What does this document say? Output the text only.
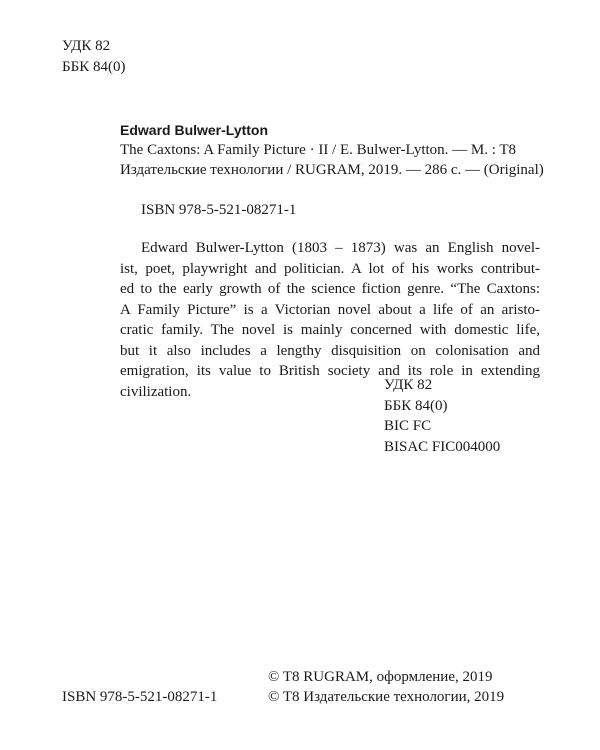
УДК 82
ББК 84(0)
Edward Bulwer-Lytton
The Caxtons: A Family Picture · II / E. Bulwer-Lytton. — M. : T8
Издательские технологии / RUGRAM, 2019. — 286 с. — (Original)
ISBN 978-5-521-08271-1
Edward Bulwer-Lytton (1803 – 1873) was an English novel-
ist, poet, playwright and politician. A lot of his works contribut-
ed to the early growth of the science fiction genre. “The Caxtons:
A Family Picture” is a Victorian novel about a life of an aristo-
cratic family. The novel is mainly concerned with domestic life,
but it also includes a lengthy disquisition on colonisation and
emigration, its value to British society and its role in extending
civilization.	УДК 82
ББК 84(0)
BIC FC
BISAC FIC004000
ISBN 978-5-521-08271-1
© T8 RUGRAM, оформление, 2019
© T8 Издательские технологии, 2019
